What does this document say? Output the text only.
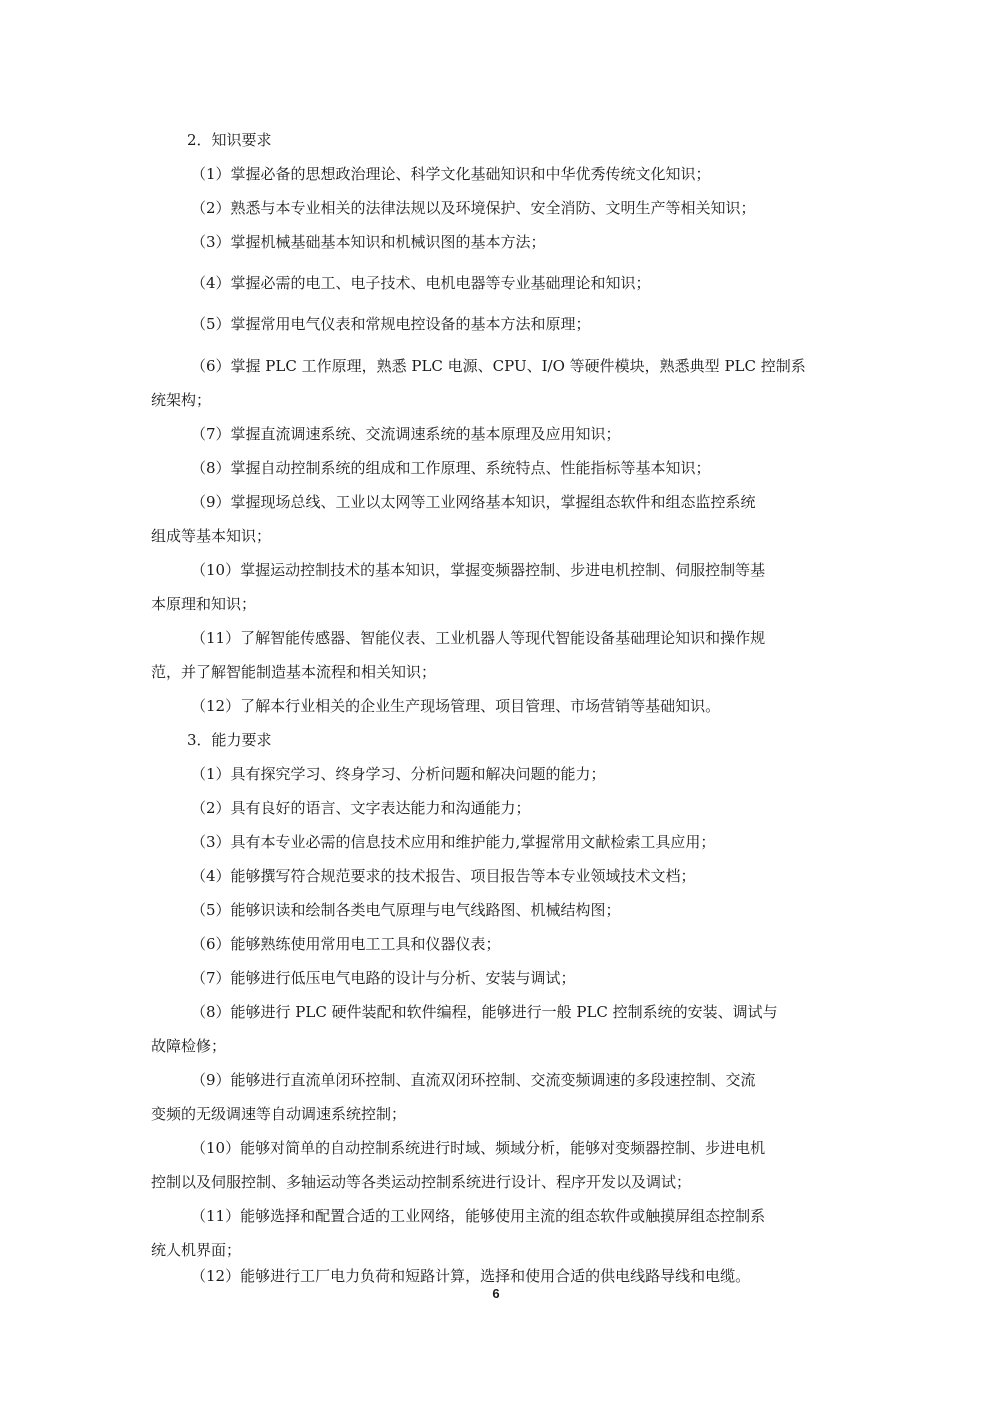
2．知识要求

（1）掌握必备的思想政治理论、科学文化基础知识和中华优秀传统文化知识；

（2）熟悉与本专业相关的法律法规以及环境保护、安全消防、文明生产等相关知识；

（3）掌握机械基础基本知识和机械识图的基本方法；

（4）掌握必需的电工、电子技术、电机电器等专业基础理论和知识；

（5）掌握常用电气仪表和常规电控设备的基本方法和原理；

（6）掌握 PLC 工作原理，熟悉 PLC 电源、CPU、I/O 等硬件模块，熟悉典型 PLC 控制系

统架构；

（7）掌握直流调速系统、交流调速系统的基本原理及应用知识；

（8）掌握自动控制系统的组成和工作原理、系统特点、性能指标等基本知识；

（9）掌握现场总线、工业以太网等工业网络基本知识，掌握组态软件和组态监控系统

组成等基本知识；

（10）掌握运动控制技术的基本知识，掌握变频器控制、步进电机控制、伺服控制等基

本原理和知识；

（11）了解智能传感器、智能仪表、工业机器人等现代智能设备基础理论知识和操作规

范，并了解智能制造基本流程和相关知识；

（12）了解本行业相关的企业生产现场管理、项目管理、市场营销等基础知识。

3．能力要求

（1）具有探究学习、终身学习、分析问题和解决问题的能力；

（2）具有良好的语言、文字表达能力和沟通能力；

（3）具有本专业必需的信息技术应用和维护能力,掌握常用文献检索工具应用；

（4）能够撰写符合规范要求的技术报告、项目报告等本专业领域技术文档；

（5）能够识读和绘制各类电气原理与电气线路图、机械结构图；

（6）能够熟练使用常用电工工具和仪器仪表；

（7）能够进行低压电气电路的设计与分析、安装与调试；

（8）能够进行 PLC 硬件装配和软件编程，能够进行一般 PLC 控制系统的安装、调试与

故障检修；

（9）能够进行直流单闭环控制、直流双闭环控制、交流变频调速的多段速控制、交流

变频的无级调速等自动调速系统控制；

（10）能够对简单的自动控制系统进行时域、频域分析，能够对变频器控制、步进电机

控制以及伺服控制、多轴运动等各类运动控制系统进行设计、程序开发以及调试；

（11）能够选择和配置合适的工业网络，能够使用主流的组态软件或触摸屏组态控制系

统人机界面；

（12）能够进行工厂电力负荷和短路计算，选择和使用合适的供电线路导线和电缆。

6
